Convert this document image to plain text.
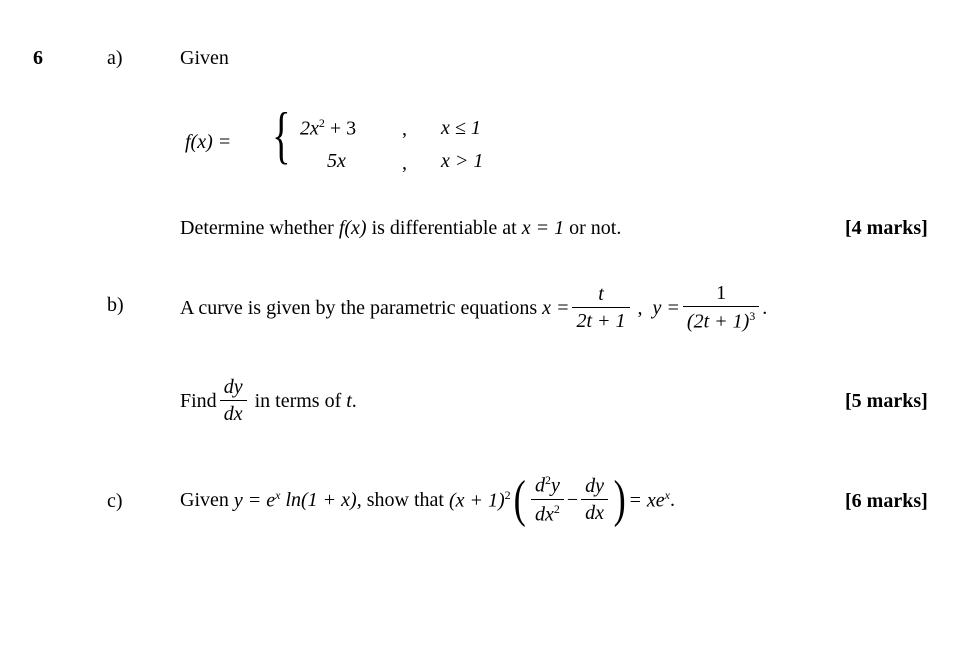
6	a)	Given
f(x) = { $2x^2 + 3$ , x ≤ 1
5x	, x > 1
Determine whether f(x) is differentiable at x = 1 or not.	[4 marks]
b)	A curve is given by the parametric equations
$x = \frac{t}{2t + 1}$
,
$y = \frac{1}{(2t + 1)^3}$ .
Find $\frac{dy}{dx}$
in terms of
t .	[5 marks]
c)	Given
$y = e^x$
ln(1 + x) , show that
$(x + 1)^2$ ( $\frac{d^2y}{dx^2} - \frac{dy}{dx}$ ) = $xe^x$ .	[6 marks]
